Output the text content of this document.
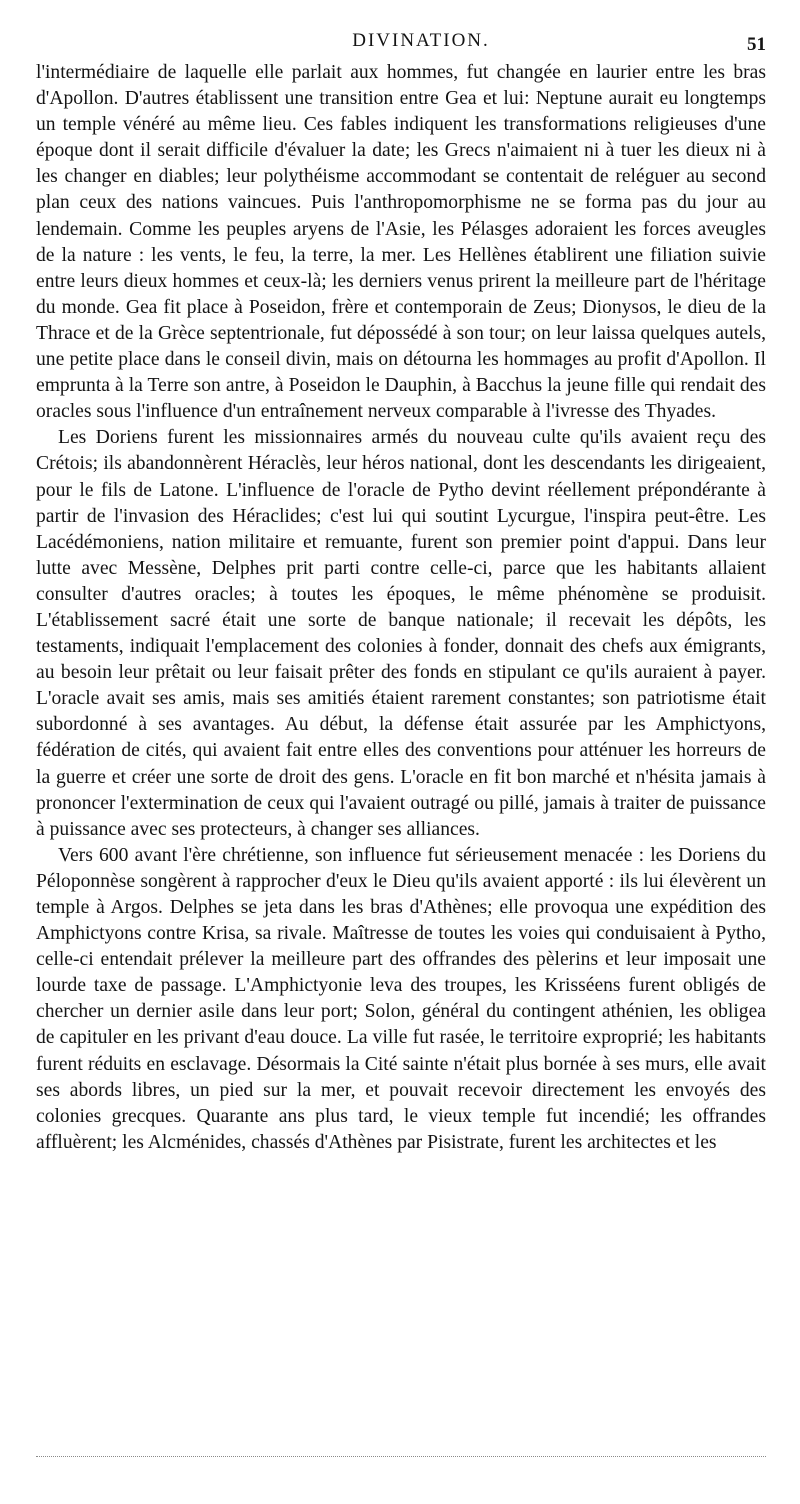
DIVINATION.	51

l'intermédiaire de laquelle elle parlait aux hommes, fut changée en laurier entre les bras d'Apollon. D'autres établissent une transition entre Gea et lui: Neptune aurait eu longtemps un temple vénéré au même lieu. Ces fables indiquent les transformations religieuses d'une époque dont il serait difficile d'évaluer la date; les Grecs n'aimaient ni à tuer les dieux ni à les changer en diables; leur polythéisme accommodant se contentait de reléguer au second plan ceux des nations vaincues. Puis l'anthropomorphisme ne se forma pas du jour au lendemain. Comme les peuples aryens de l'Asie, les Pélasges adoraient les forces aveugles de la nature : les vents, le feu, la terre, la mer. Les Hellènes établirent une filiation suivie entre leurs dieux hommes et ceux-là; les derniers venus prirent la meilleure part de l'héritage du monde. Gea fit place à Poseidon, frère et contemporain de Zeus; Dionysos, le dieu de la Thrace et de la Grèce septentrionale, fut dépossédé à son tour; on leur laissa quelques autels, une petite place dans le conseil divin, mais on détourna les hommages au profit d'Apollon. Il emprunta à la Terre son antre, à Poseidon le Dauphin, à Bacchus la jeune fille qui rendait des oracles sous l'influence d'un entraînement nerveux comparable à l'ivresse des Thyades.

Les Doriens furent les missionnaires armés du nouveau culte qu'ils avaient reçu des Crétois; ils abandonnèrent Héraclès, leur héros national, dont les descendants les dirigeaient, pour le fils de Latone. L'influence de l'oracle de Pytho devint réellement prépondérante à partir de l'invasion des Héraclides; c'est lui qui soutint Lycurgue, l'inspira peut-être. Les Lacédémoniens, nation militaire et remuante, furent son premier point d'appui. Dans leur lutte avec Messène, Delphes prit parti contre celle-ci, parce que les habitants allaient consulter d'autres oracles; à toutes les époques, le même phénomène se produisit. L'établissement sacré était une sorte de banque nationale; il recevait les dépôts, les testaments, indiquait l'emplacement des colonies à fonder, donnait des chefs aux émigrants, au besoin leur prêtait ou leur faisait prêter des fonds en stipulant ce qu'ils auraient à payer. L'oracle avait ses amis, mais ses amitiés étaient rarement constantes; son patriotisme était subordonné à ses avantages. Au début, la défense était assurée par les Amphictyons, fédération de cités, qui avaient fait entre elles des conventions pour atténuer les horreurs de la guerre et créer une sorte de droit des gens. L'oracle en fit bon marché et n'hésita jamais à prononcer l'extermination de ceux qui l'avaient outragé ou pillé, jamais à traiter de puissance à puissance avec ses protecteurs, à changer ses alliances.

Vers 600 avant l'ère chrétienne, son influence fut sérieusement menacée : les Doriens du Péloponnèse songèrent à rapprocher d'eux le Dieu qu'ils avaient apporté : ils lui élevèrent un temple à Argos. Delphes se jeta dans les bras d'Athènes; elle provoqua une expédition des Amphictyons contre Krisa, sa rivale. Maîtresse de toutes les voies qui conduisaient à Pytho, celle-ci entendait prélever la meilleure part des offrandes des pèlerins et leur imposait une lourde taxe de passage. L'Amphictyonie leva des troupes, les Krisséens furent obligés de chercher un dernier asile dans leur port; Solon, général du contingent athénien, les obligea de capituler en les privant d'eau douce. La ville fut rasée, le territoire exproprié; les habitants furent réduits en esclavage. Désormais la Cité sainte n'était plus bornée à ses murs, elle avait ses abords libres, un pied sur la mer, et pouvait recevoir directement les envoyés des colonies grecques. Quarante ans plus tard, le vieux temple fut incendié; les offrandes affluèrent; les Alcménides, chassés d'Athènes par Pisistrate, furent les architectes et les
